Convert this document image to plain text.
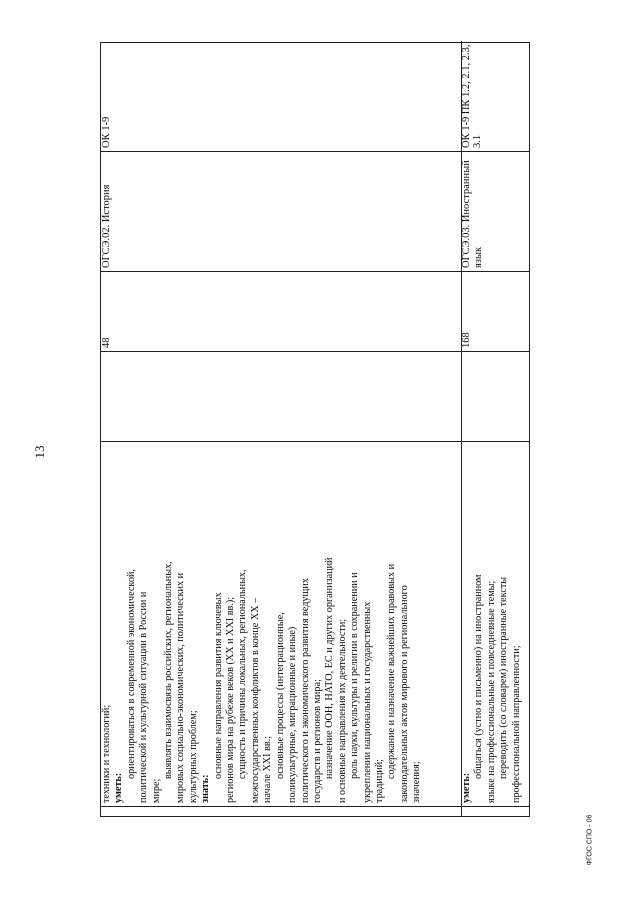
13
техники и технологий; уметь:
ориентироваться в современной экономической, политической и культурной ситуации в России и мире;
выявлять взаимосвязь российских, региональных, мировых социально-экономических, политических и культурных проблем; знать:
основные направления развития ключевых регионов мира на рубеже веков (XX и XXI вв.); сущность и причины локальных, региональных, межгосударственных конфликтов в конце XX – начале XXI вв.; основные процессы (интеграционные, поликультурные, миграционные и иные) политического и экономического развития ведущих государств и регионов мира; назначение ООН, НАТО, ЕС и других организаций и основные направления их деятельности; роль науки, культуры и религии в сохранении и укреплении национальных и государственных традиций;
содержание и назначение важнейших правовых и законодательных актов мирового и регионального значения;
48
ОГСЭ.02. История
ОК 1-9
уметь:
общаться (устно и письменно) на иностранном языке на профессиональные и повседневные темы; переводить (со словарем) иностранные тексты профессиональной направленности;
168
ОГСЭ.03. Иностранный язык
ОК 1-9 ПК 1.2, 2.1, 2.3, 3.1
ФГОС СПО - 06
